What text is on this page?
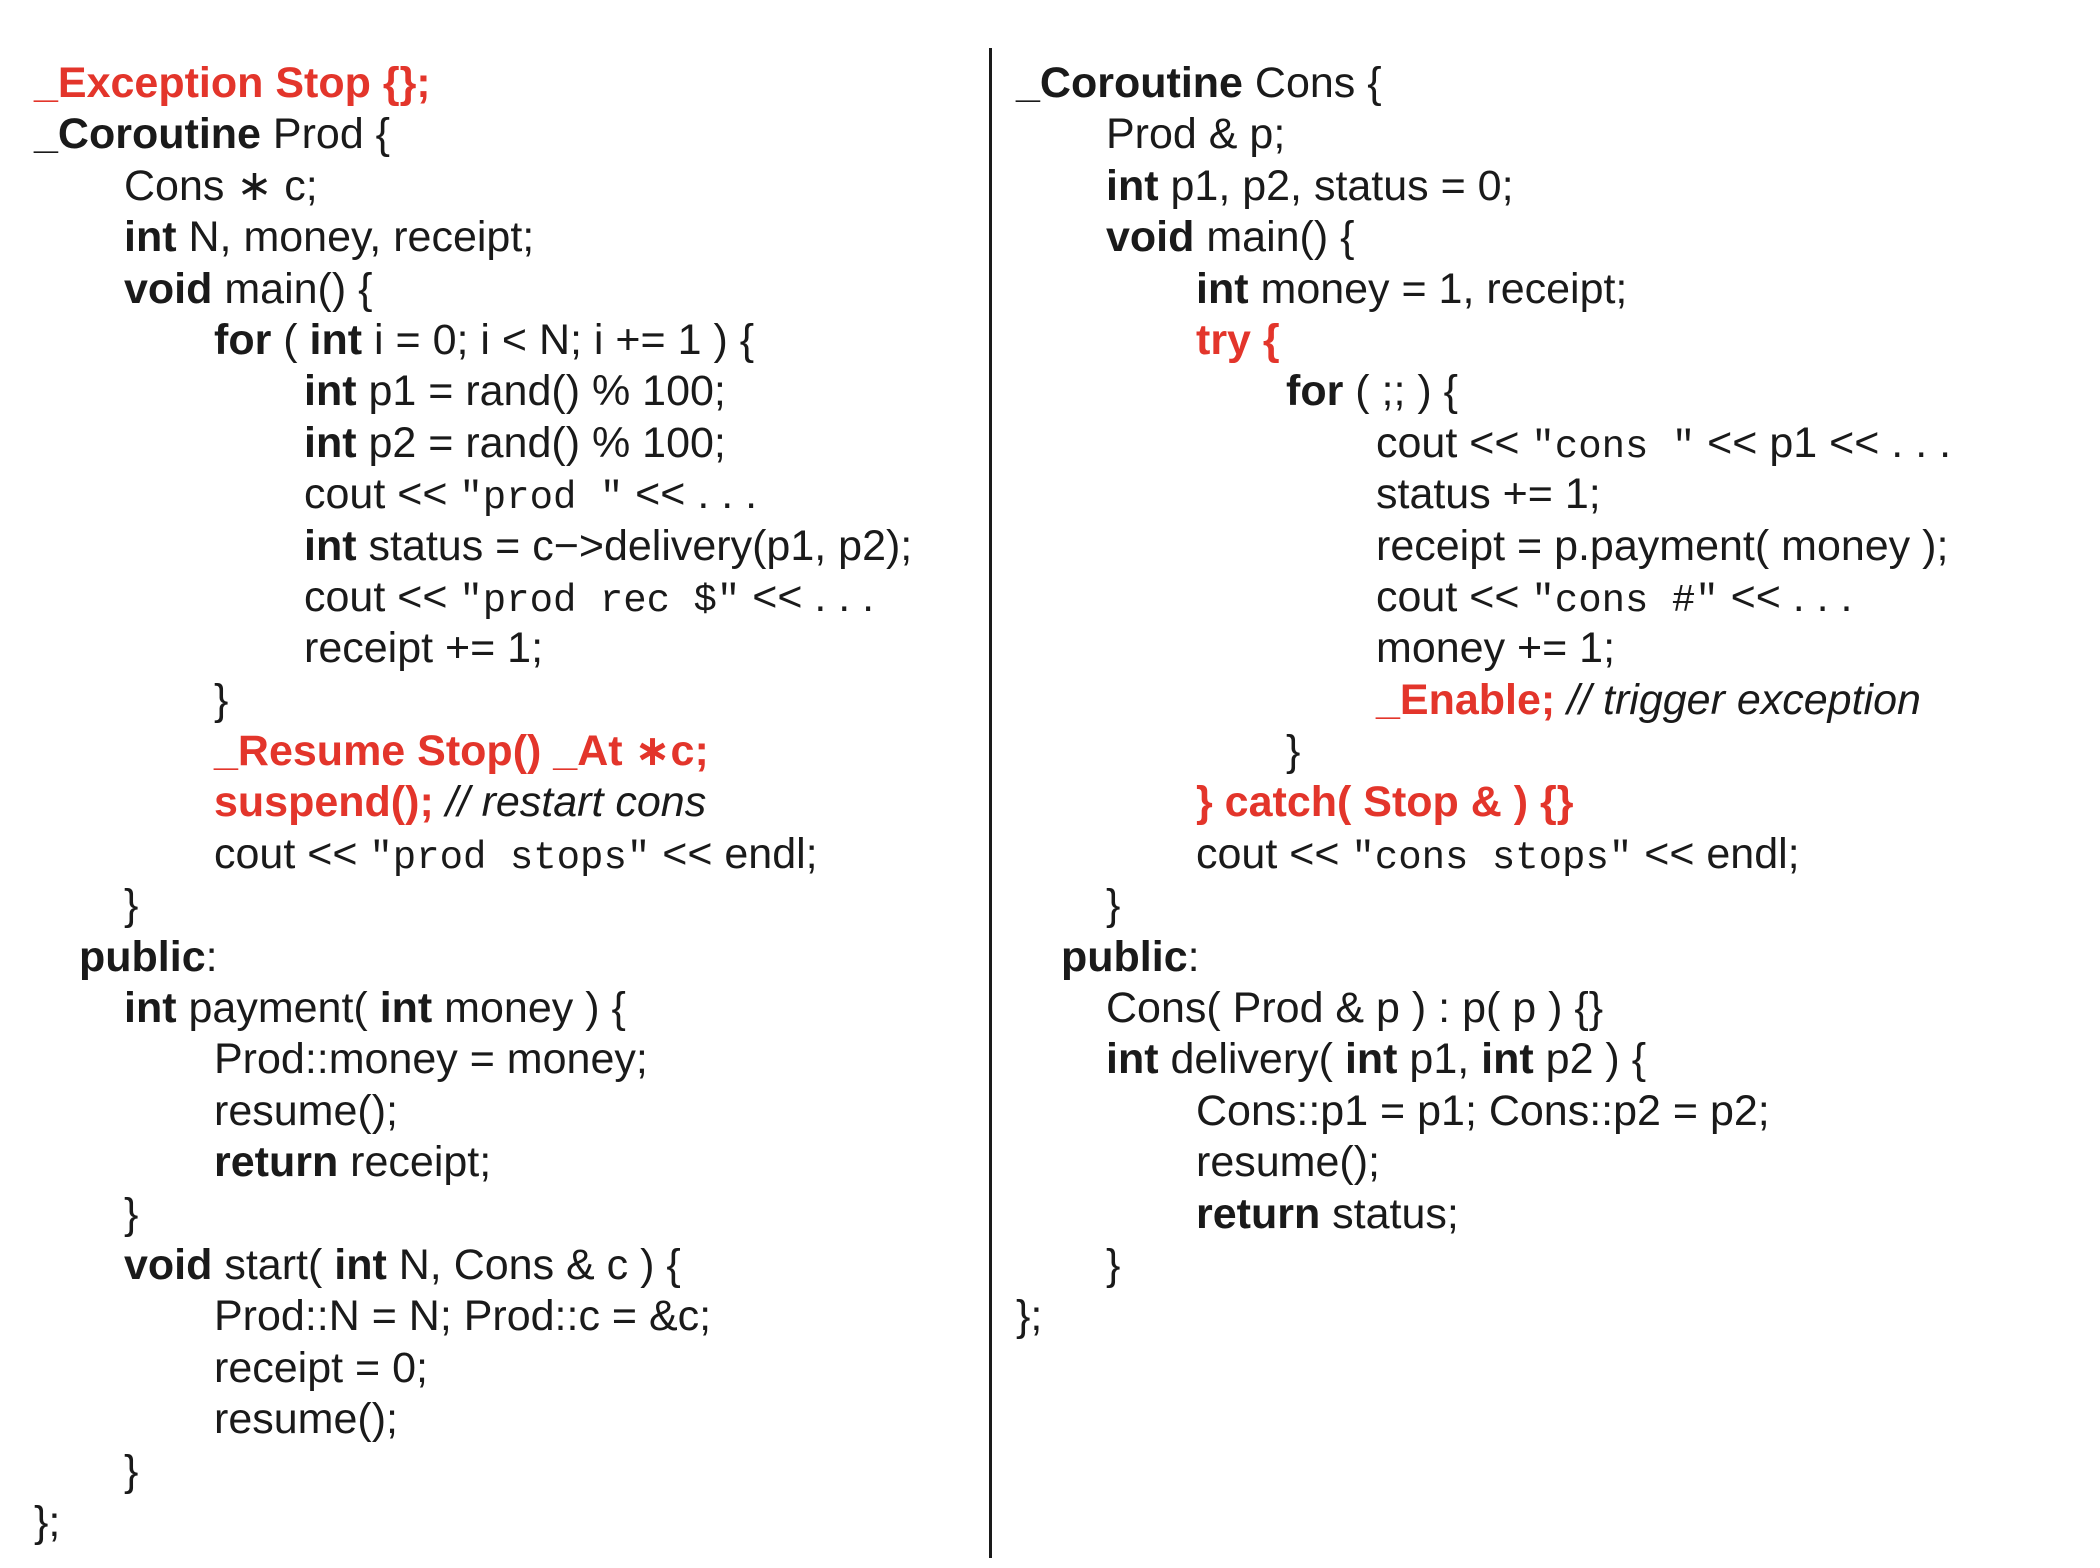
_Exception Stop {};
_Coroutine Prod {
Cons ∗ c;
int N, money, receipt;
void main() {
for ( int i = 0; i < N; i += 1 ) {
int p1 = rand() % 100;
int p2 = rand() % 100;
cout << "prod " << . . .
int status = c−>delivery(p1, p2);
cout << "prod rec $" << . . .
receipt += 1;
}
_Resume Stop() _At ∗c;
suspend(); // restart cons
cout << "prod stops" << endl;
}
public:
int payment( int money ) {
Prod::money = money;
resume();
return receipt;
}
void start( int N, Cons & c ) {
Prod::N = N; Prod::c = &c;
receipt = 0;
resume();
}
};
_Coroutine Cons {
Prod & p;
int p1, p2, status = 0;
void main() {
int money = 1, receipt;
try {
for ( ;; ) {
cout << "cons " << p1 << . . .
status += 1;
receipt = p.payment( money );
cout << "cons #" << . . .
money += 1;
_Enable; // trigger exception
}
} catch( Stop & ) {}
cout << "cons stops" << endl;
}
public:
Cons( Prod & p ) : p( p ) {}
int delivery( int p1, int p2 ) {
Cons::p1 = p1; Cons::p2 = p2;
resume();
return status;
}
};
